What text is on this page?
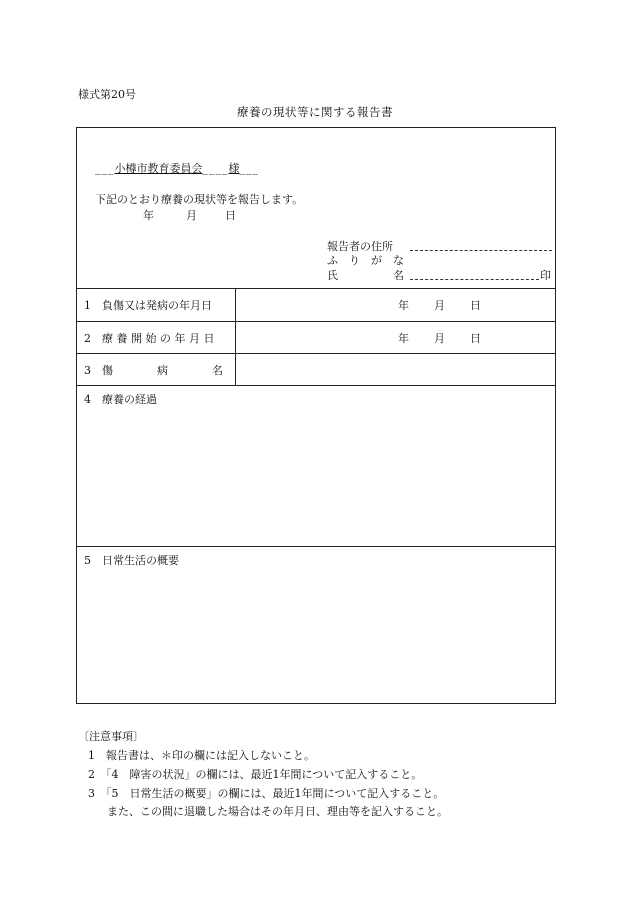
様式第20号
療養の現状等に関する報告書
___小樽市教育委員会____様___
下記のとおり療養の現状等を報告します。
年	月	日
報告者の住所
ふ　り　が　な
氏　　　　　名	印
1　負傷又は発病の年月日	年 月 日
2　療 養 開 始 の 年 月 日	年 月 日
3　傷　　　　病　　　　名
4　療養の経過
5　日常生活の概要
〔注意事項〕
1　報告書は、＊印の欄には記入しないこと。
2　「4　障害の状況」の欄には、最近1年間について記入すること。
3　「5　日常生活の概要」の欄には、最近1年間について記入すること。
また、この間に退職した場合はその年月日、理由等を記入すること。
